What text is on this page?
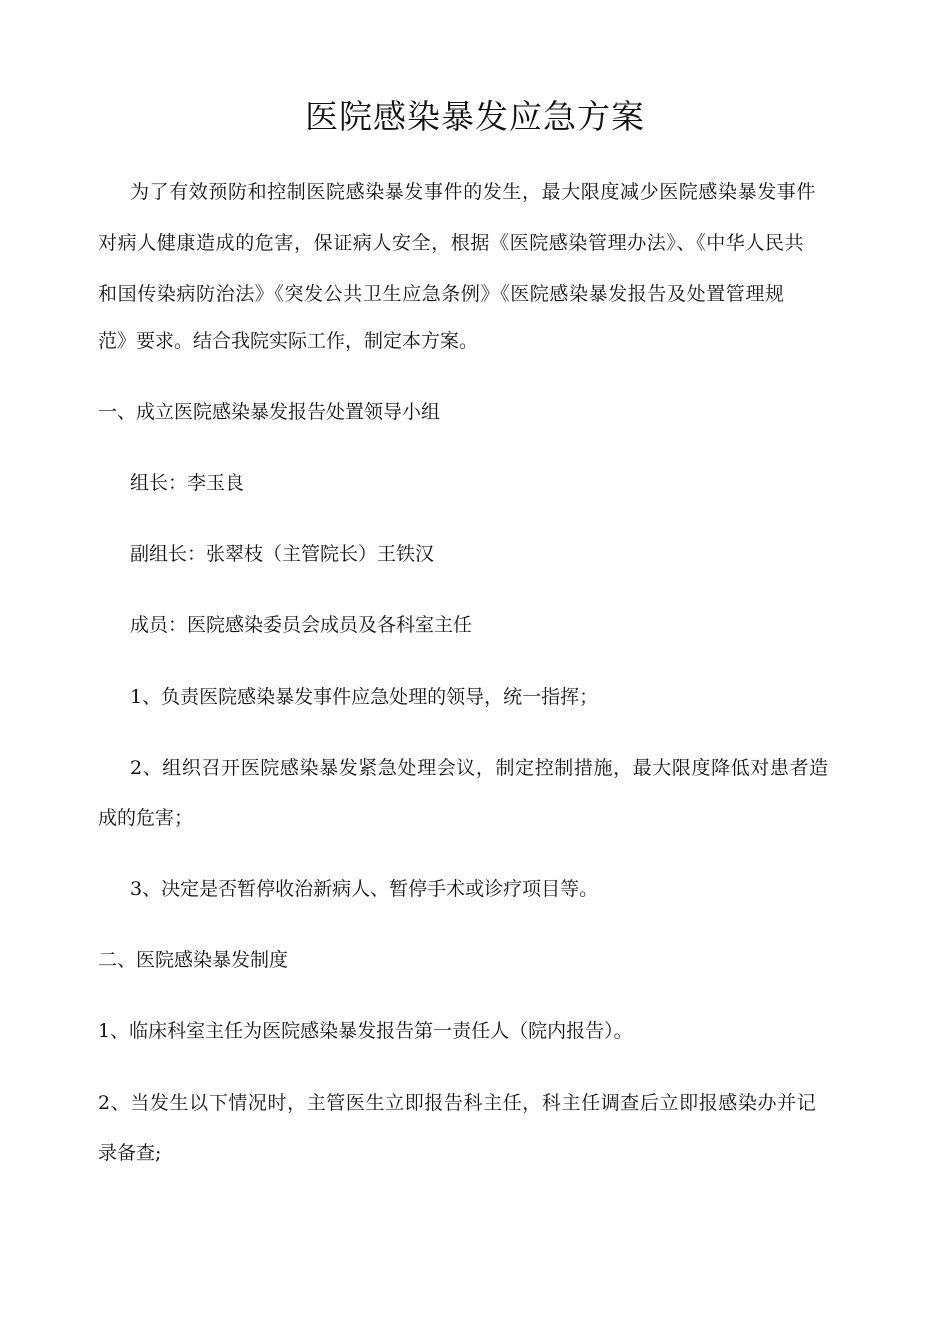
医院感染暴发应急方案

为了有效预防和控制医院感染暴发事件的发生，最大限度减少医院感染暴发事件

对病人健康造成的危害，保证病人安全，根据《医院感染管理办法》、《中华人民共

和国传染病防治法》《突发公共卫生应急条例》《医院感染暴发报告及处置管理规

范》要求。结合我院实际工作，制定本方案。

一、成立医院感染暴发报告处置领导小组

组长：李玉良

副组长：张翠枝（主管院长）王铁汉

成员：医院感染委员会成员及各科室主任

1、负责医院感染暴发事件应急处理的领导，统一指挥；

2、组织召开医院感染暴发紧急处理会议，制定控制措施，最大限度降低对患者造

成的危害；

3、决定是否暂停收治新病人、暂停手术或诊疗项目等。

二、医院感染暴发制度

1、临床科室主任为医院感染暴发报告第一责任人（院内报告）。

2、当发生以下情况时，主管医生立即报告科主任，科主任调查后立即报感染办并记

录备查;
